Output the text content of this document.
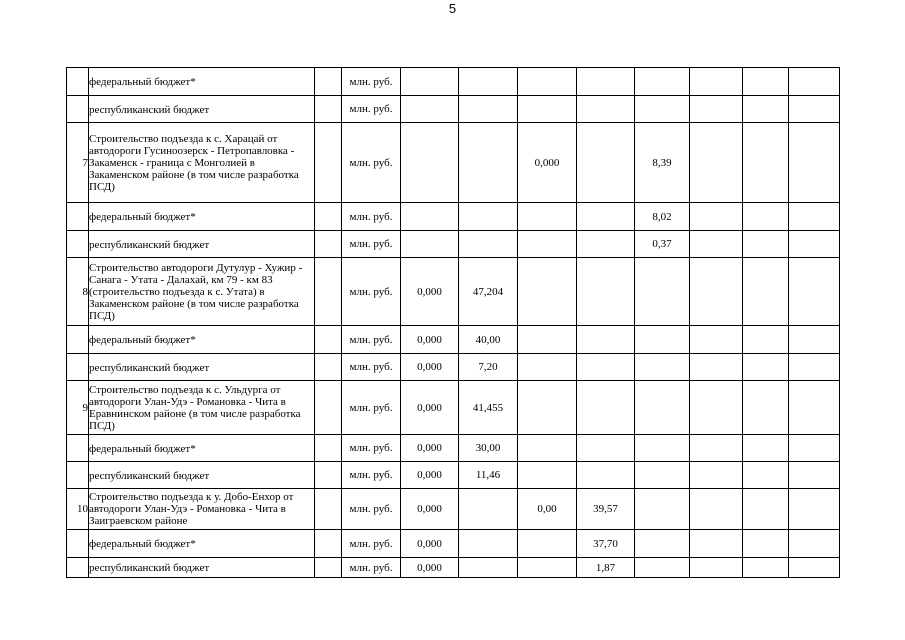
5
	федеральный бюджет*		млн. руб.								
	республиканский бюджет		млн. руб.								
7	Строительство подъезда к с. Харацай от автодороги Гусиноозерск - Петропавловка - Закаменск - граница с Монголией в Закаменском районе (в том числе разработка ПСД)		млн. руб.			0,000		8,39			
	федеральный бюджет*		млн. руб.					8,02			
	республиканский бюджет		млн. руб.					0,37			
8	Строительство автодороги Дутулур - Хужир - Санага - Утата - Далахай, км 79 - км 83 (строительство подъезда к с. Утата) в Закаменском районе (в том числе разработка ПСД)		млн. руб.	0,000	47,204						
	федеральный бюджет*		млн. руб.	0,000	40,00						
	республиканский бюджет		млн. руб.	0,000	7,20						
9	Строительство подъезда к с. Ульдурга от автодороги Улан-Удэ - Романовка - Чита в Еравнинском районе (в том числе разработка ПСД)		млн. руб.	0,000	41,455						
	федеральный бюджет*		млн. руб.	0,000	30,00						
	республиканский бюджет		млн. руб.	0,000	11,46						
10	Строительство подъезда к у. Добо-Енхор от автодороги Улан-Удэ - Романовка - Чита в Заиграевском районе		млн. руб.	0,000		0,00	39,57				
	федеральный бюджет*		млн. руб.	0,000			37,70				
	республиканский бюджет		млн. руб.	0,000			1,87				
